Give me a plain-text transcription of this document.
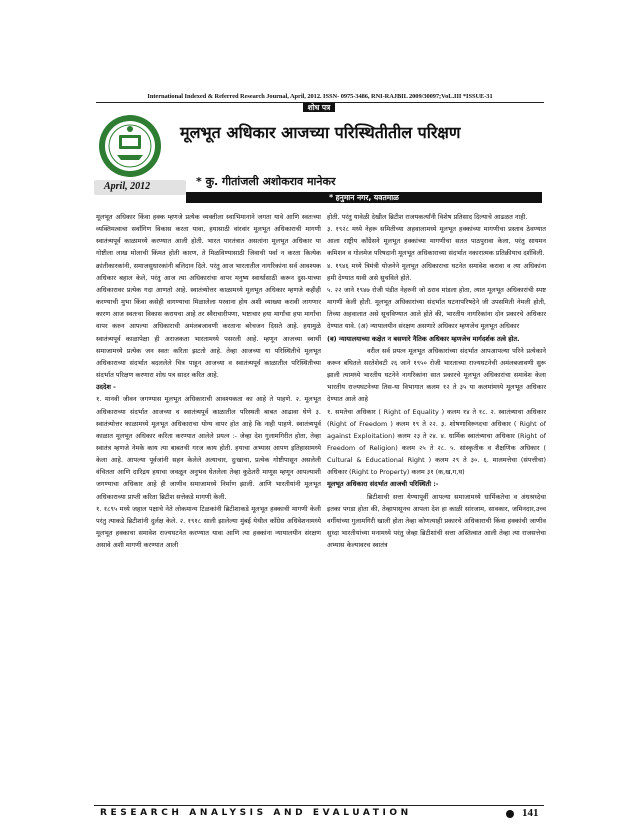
International Indexed & Referred Research Journal, April, 2012. ISSN- 0975-3486, RNI-RAJBIL 2009/30097;VoL.III *ISSUE-31
शोध पत्र
मूलभूत अधिकार आजच्या परिस्थितीतील परिक्षण
April, 2012	* कु. गीतांजली अशोकराव मानेकर
* हनुमान नगर, यवतमाळ

मूलभूत अधिकार किंवा हक्क म्हणजे प्रत्येक व्यक्तीला स्वाभिमानाने जगता यावे आणि स्वतःच्या व्यक्तिमत्वाचा सर्वांगिण विकास करता यावा, हयासाठी वांरवांर मूलभूत अधिकाराची मागणी स्वातंत्र्यपूर्व काळामध्ये करण्यात आली होती. भारत पारतंत्रात असतांना मूलभूत अधिकार या गोष्टीला लाख मोलाची किंमत होती कारण, ते मिळविण्यासाठी जिवाची पर्वा न करता कित्येक क्रांतीकारकांनी, समाजसुधारकांनी बलिदान दिले. परंतु आज भारतातील नागरिकांना सर्व आवश्यक अधिकार बहाल केले, परंतु आज त्या अधिकारांचा वापर मनुष्य स्वार्थासाठी करून दुस-याच्या अधिकारावर प्रत्येक गदा आणतो आहे. स्वातंत्र्योत्तर काळामध्ये मूलभूत अधिकार म्हणजे कहीही करण्याची मुभा किंवा कसेही वागण्याचा मिळालेला परवाना होय अशी व्याख्या करावी लागणार कारण आज स्वतःचा विकास करायचा आहे तर स्वैराचारीपणा, भष्टाचार हया मार्गांचा हया मार्गांचा वापर करुन आपल्या अधिकाराची अमंलबजावणी करताना बरेचजन दिसते आहे. हयामुळे स्वातंत्र्यपूर्व काळापेक्षा ही अराजकता भारतामध्ये पसरली आहे. म्हणून आजच्या स्वार्थी समाजामध्ये प्रत्येक जन स्वतः करिता झटतो आहे. तेव्हा आजच्या या परिस्थितीचे मूलभूत अधिकाराच्या संदर्भात बदललेले चित्र पाहून आजच्या व स्वातंत्र्यपूर्व काळातील परिस्थितीच्या संदर्भात परिक्षण करणारा शोध पत्र सादर करित आहे.

उददेश -

१. मानवी जीवन जगण्यास मूलभूत अधिकाराची आवश्यकता का आहे ते पाहणे. २. मूलभूत अधिकाराच्या संदर्भात आजच्या व स्वातंत्र्यपूर्व काळातील परिस्थती बाबत आढावा घेणे ३. स्वातंत्र्योत्तर काळामध्ये मूलभूत अधिकाराचा योग्य वापर होत आहे कि नाही पाहणे. स्वातंत्र्यपूर्व काळात मूलभूत अधिकार करिता करण्यात आलेले प्रयत्न :- जेव्हा देश गुलामगिरीत होता, तेव्हा स्वातंत्र म्हणजे नेमके काय त्या बाबतची गरज काय होती. हयाचा अभ्यास आपण इतिहासामध्ये केला आहे. आपल्या पूर्वजांनी सहन केलेले अत्याचार, दुःखाचा, प्रत्येक गोष्टीपासून असलेली वंचितता आणि दारिद्रय हयाचा जवळून अनुभव घेतलेला तेव्हा कुठेतरी माणूस म्हणून आपल्याशी जगण्याचा अधिकार आहे ही जाणीव समाजामध्ये निर्माण झाली. आणि भारतीयांनी मूलभूत अधिकाराच्या प्राप्ती करिता ब्रिटीश सत्तेकडे मागणी केली.

१. १८९५ मध्ये जहाल पक्षाचे नेते लोकमान्य टिळकांनी ब्रिटीशाकडे मूलभूत हक्काची मागणी केली परंतु त्याकडे ब्रिटीशांनी दुर्लक्ष केले. २. १९१८ साली झालेल्या मुंबई येथील कॉंग्रेस अधिवेशनामध्ये मूलभूत हक्काचा समावेश राज्यघटनेत करण्यात यावा आणि त्या हक्कांना न्यायालयीन संरक्षण असावे अशी मागणी करण्यात आली

होती. परंतु यावेळी देखील ब्रिटीश राजयकर्त्यांनी विशेष प्रतिसाद दिल्याचे आढळत नाही.

३. १९२८ मध्ये नेहरू समितीच्या अहवालामध्ये मूलभूत हक्कांच्या मागणीचा प्रस्ताव ठेवण्यात आला राष्ट्रीय कॉंग्रेसने मूलभूत हक्कांच्या मागणीचा सतत पाठपुरावा केला, परंतु सायमन कमिशन व गोलमेज परिषदानी मूलभूत अधिकाराच्या संदर्भात नकारात्मक प्रतिक्रीयाच दर्शविली.

४. १९४६ मध्ये त्रिमंत्री योजनेने मूलभूत अधिकाराचा घटनेत समावेश करावा व त्या अधिकांना हमी देण्यात यावी असे सुचविले होते.

५. २२ जाने १९४७ रोजी पंडीत नेहरुनी जो ठराव मांडला होता, त्यात मूलभूत अधिकारांची स्पष्ट मागणी केली होती. मूलभूत अधिकारांच्या संदर्भात घटनापरिषदेने जी उपसमिती नेमली होती, तिच्या अहवालात असे सूचविण्यात आले होते की, भारतीय नागरिकांना दोन प्रकारचे अधिकार देण्यात यावे. (अ) न्यायालयीन संरक्षण असणारे अधिकार म्हणजेच मूलभूत अधिकार

(ब) न्यायालयाच्या कक्षेत न बसणारे नैतिक अधिकार म्हणजेच मार्गदर्शक तत्वे होत.

वरील सर्व प्रयत्न मूलभूत अधिकारांच्या संदर्भात आपआपल्या परिने प्रत्येकाने करून बघितले सरतेशेवटी २६ जाने १९५० रोजी भारताच्या राज्यघटनेची अमंलबजावणी सुरू झाली त्यामध्ये भारतीय घटनेने नागरिकांना सात प्रकारचे मूलभूत अधिकारांचा समावेश केला भारतीय राज्यघटनेच्या तिस-या विभागात कलम १२ ते ३५ या कलमांमध्ये मूलभूत अधिकार देण्यात आले आहे

१. समतेचा अधिकार ( Right of Equality ) कलम १४ ते १८. २. स्वातंत्र्याचा अधिकार (Right of Freedom ) कलम १९ ते २२. ३. शोषणाविरूध्दचा अधिकार ( Right of against Exploitation) कलम २३ ते २४. ४. धार्मिक स्वातंत्र्याचा अधिकार (Right of Freedom of Religion) कलम २५ ते २८. ५. सांस्कृतीक व शैक्षणिक अधिकार ( Cultural & Educational Right ) कलम २९ ते ३०. ६. मालमत्तेचा (संपत्तीचा) अधिकार (Right to Property) कलम ३१ (क,ख,ग,घ)

मूलभूत अधिकारा संदर्भात आजची परिस्थिती :-

ब्रिटीशाची सत्ता येण्यापूर्वी आपल्या समाजामध्ये धार्मिकतेचा व अंधश्रध्देचा इतका पगडा होता की, तेव्हापासूनच आपला देश हा काळी सांरजाम, सावकार, जमिनदार,उच्च वर्गीयांच्या गुलामगिरी खाली होता तेव्हा कोणत्याही प्रकारचे अधिकाराची किंवा हक्कांची जाणीव सुध्दा भारतीयांच्या मनामध्ये परंतु जेव्हा ब्रिटीशांची सत्ता अस्तित्वात आली तेव्हा त्या राजसत्तेचा अभ्यास केल्यावरच स्वातंत्र

RESEARCH ANALYSIS AND EVALUATION	141
